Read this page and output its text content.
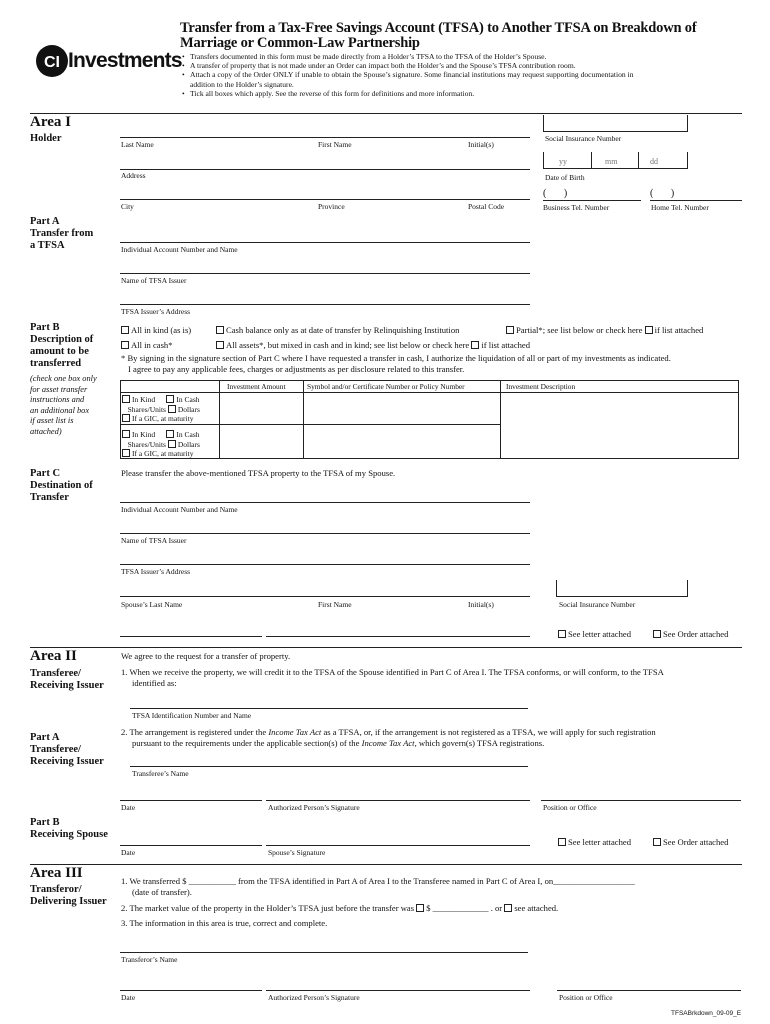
CI Investments
Transfer from a Tax-Free Savings Account (TFSA) to Another TFSA on Breakdown of
Marriage or Common-Law Partnership
• Transfers documented in this form must be made directly from a Holder’s TFSA to the TFSA of the Holder’s Spouse.
• A transfer of property that is not made under an Order can impact both the Holder’s and the Spouse’s TFSA contribution room.
• Attach a copy of the Order ONLY if unable to obtain the Spouse’s signature. Some financial institutions may request supporting documentation in
addition to the Holder’s signature.
• Tick all boxes which apply. See the reverse of this form for definitions and more information.
Area I
Holder
Last Name	First Name	Initial(s)
Social Insurance Number
yy	mm	dd
Date of Birth
Address
City	Province	Postal Code
( )
Business Tel. Number
( )
Home Tel. Number
Part A
Transfer from
a TFSA	Individual Account Number and Name
Name of TFSA Issuer
TFSA Issuer’s Address
Part B
Description of
amount to be
transferred
(check one box only
for asset transfer
instructions and
an additional box
if asset list is
attached)
All in kind (as is)	Cash balance only as at date of transfer by Relinquishing Institution	Partial*; see list below or check here if list attached
All in cash*	All assets*, but mixed in cash and in kind; see list below or check here if list attached
* By signing in the signature section of Part C where I have requested a transfer in cash, I authorize the liquidation of all or part of my investments as indicated.
I agree to pay any applicable fees, charges or adjustments as per disclosure related to this transfer.
Investment Amount	Symbol and/or Certificate Number or Policy Number	Investment Description
In Kind	In Cash
Shares/Units Dollars
If a GIC, at maturity
In Kind	In Cash
Shares/Units Dollars
If a GIC, at maturity
Part C
Destination of
Transfer
Please transfer the above-mentioned TFSA property to the TFSA of my Spouse.
Individual Account Number and Name
Name of TFSA Issuer
TFSA Issuer’s Address
Spouse’s Last Name	First Name	Initial(s)	Social Insurance Number
See letter attached	See Order attached
Area II
Transferee/
Receiving Issuer
We agree to the request for a transfer of property.
1. When we receive the property, we will credit it to the TFSA of the Spouse identified in Part C of Area I. The TFSA conforms, or will conform, to the TFSA
identified as:
TFSA Identification Number and Name
Part A
Transferee/
Receiving Issuer
2. The arrangement is registered under the Income Tax Act as a TFSA, or, if the arrangement is not registered as a TFSA, we will apply for such registration
pursuant to the requirements under the applicable section(s) of the Income Tax Act, which govern(s) TFSA registrations.
Transferee’s Name
Date	Authorized Person’s Signature	Position or Office
Part B
Receiving Spouse
Date	Spouse’s Signature
See letter attached	See Order attached
Area III
Transferor/
Delivering Issuer
1. We transferred $ ___________ from the TFSA identified in Part A of Area I to the Transferee named in Part C of Area I, on___________________
(date of transfer).
2. The market value of the property in the Holder’s TFSA just before the transfer was $ _____________ . or see attached.
3. The information in this area is true, correct and complete.
Transferor’s Name
Date	Authorized Person’s Signature	Position or Office
TFSABrkdown_09-09_E
